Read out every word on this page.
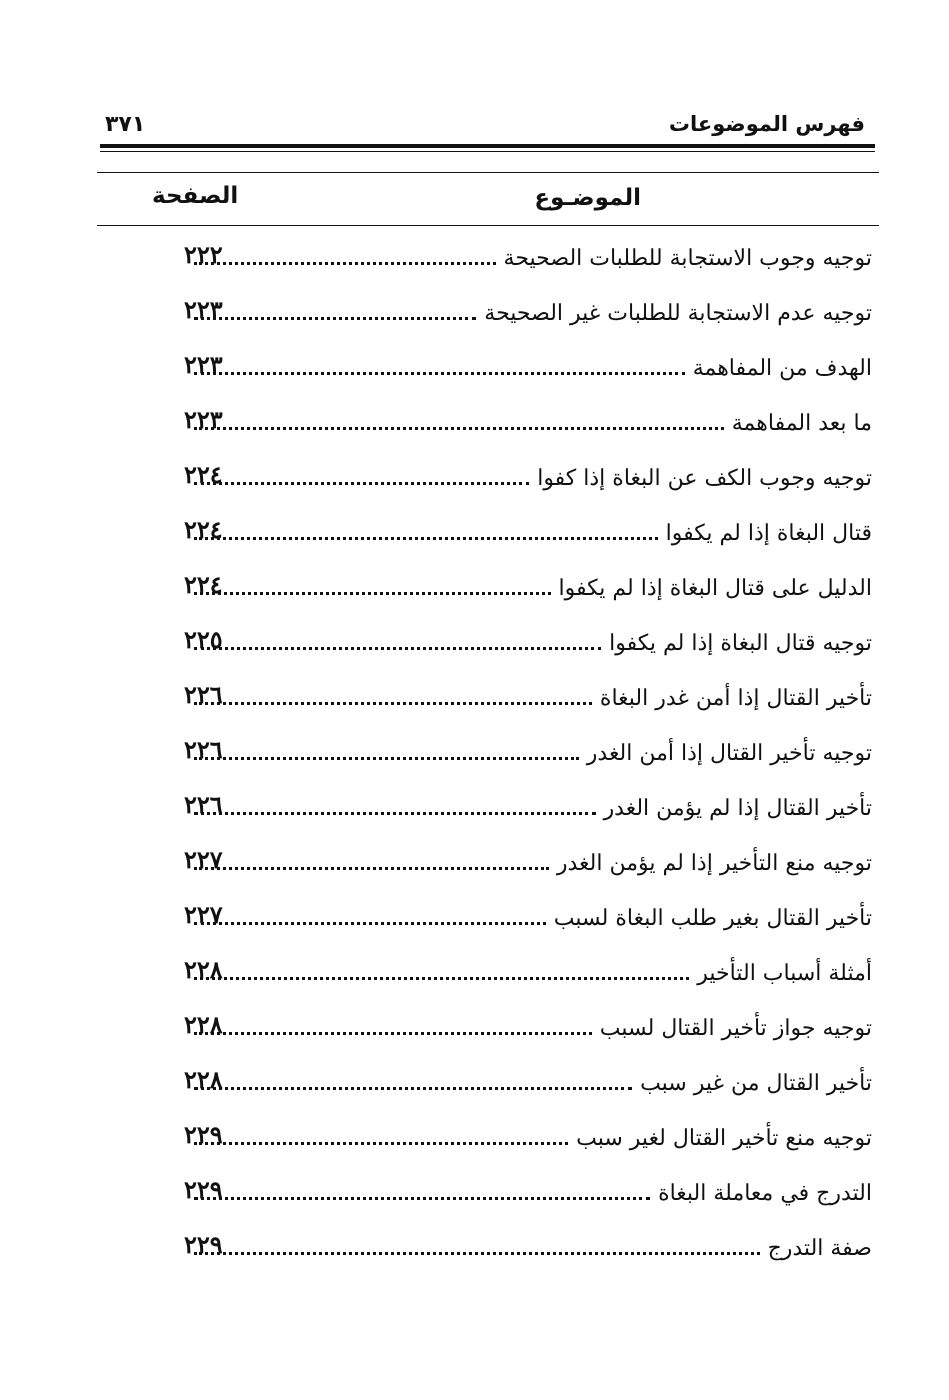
فهرس الموضوعات
٣٧١
الموضـوع
الصفحة
توجيه وجوب الاستجابة للطلبات الصحيحة
٢٢٢
توجيه عدم الاستجابة للطلبات غير الصحيحة
٢٢٣
الهدف من المفاهمة
٢٢٣
ما بعد المفاهمة
٢٢٣
توجيه وجوب الكف عن البغاة إذا كفوا
٢٢٤
قتال البغاة إذا لم يكفوا
٢٢٤
الدليل على قتال البغاة إذا لم يكفوا
٢٢٤
توجيه قتال البغاة إذا لم يكفوا
٢٢٥
تأخير القتال إذا أمن غدر البغاة
٢٢٦
توجيه تأخير القتال إذا أمن الغدر
٢٢٦
تأخير القتال إذا لم يؤمن الغدر
٢٢٦
توجيه منع التأخير إذا لم يؤمن الغدر
٢٢٧
تأخير القتال بغير طلب البغاة لسبب
٢٢٧
أمثلة أسباب التأخير
٢٢٨
توجيه جواز تأخير القتال لسبب
٢٢٨
تأخير القتال من غير سبب
٢٢٨
توجيه منع تأخير القتال لغير سبب
٢٢٩
التدرج في معاملة البغاة
٢٢٩
صفة التدرج
٢٢٩
